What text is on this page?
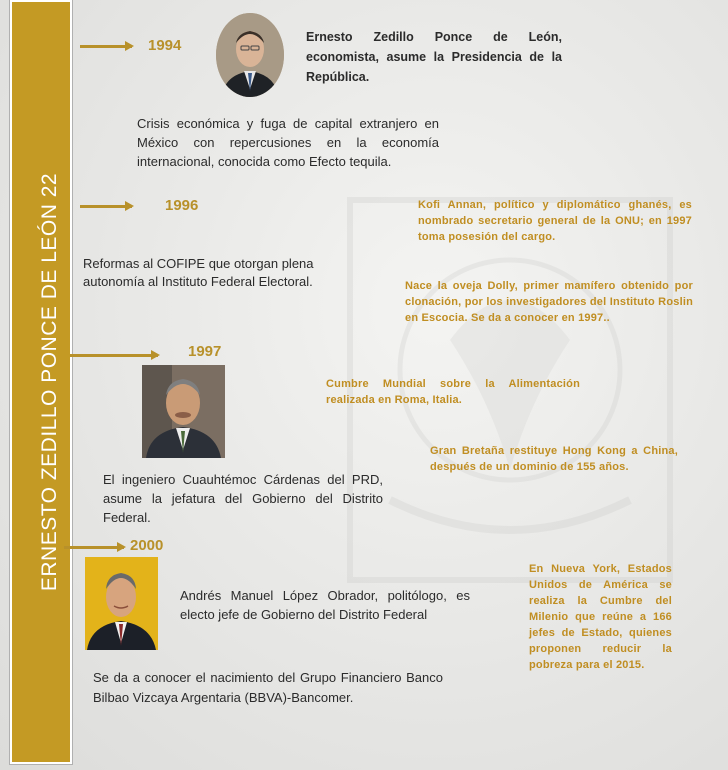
ERNESTO ZEDILLO PONCE DE LEÓN 22
1994
1996
1997
2000
Ernesto Zedillo Ponce de León, economista, asume la Presidencia de la República.
Crisis económica y fuga de capital extranjero en México con repercusiones en la economía internacional, conocida como Efecto tequila.
Kofi Annan, político y diplomático ghanés, es nombrado secretario general de la ONU; en 1997 toma posesión del cargo.
Reformas al COFIPE que otorgan plena autonomía al Instituto Federal Electoral.	Nace la oveja Dolly, primer mamífero obtenido por clonación, por los investigadores del Instituto Roslin en Escocia. Se da a conocer en 1997..
Cumbre Mundial sobre la Alimentación realizada en Roma, Italia.
Gran Bretaña restituye Hong Kong a China, después de un dominio de 155 años.
El ingeniero Cuauhtémoc Cárdenas del PRD, asume la jefatura del Gobierno del Distrito Federal.
Andrés Manuel López Obrador, politólogo, es electo jefe de Gobierno del Distrito Federal
En Nueva York, Estados Unidos de América se realiza la Cumbre del Milenio que reúne a 166 jefes de Estado, quienes proponen reducir la pobreza para el 2015.
Se da a conocer el nacimiento del Grupo Financiero Banco Bilbao Vizcaya Argentaria (BBVA)-Bancomer.
